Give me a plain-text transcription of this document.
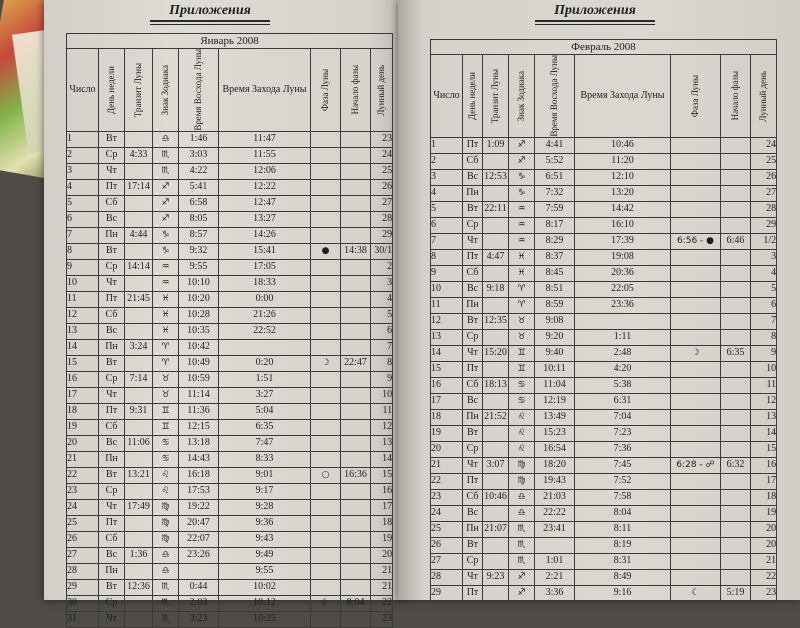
Приложения	Приложения
Январь 2008								

Число	День недели	Транзит Луны	Знак Зодиака	Время Восхода Луны	Время Захода Луны	Фаза Луны	Начало фазы	Лунный день

1	Вт		♎	1:46	11:47			23
2	Ср	4:33	♏	3:03	11:55			24
3	Чт		♏	4:22	12:06			25
4	Пт	17:14	♐	5:41	12:22			26
5	Сб		♐	6:58	12:47			27
6	Вс		♐	8:05	13:27			28
7	Пн	4:44	♑	8:57	14:26			29
8	Вт		♑	9:32	15:41	●	14:38	30/1
9	Ср	14:14	♒	9:55	17:05			2
10	Чт		♒	10:10	18:33			3
11	Пт	21:45	♓	10:20	0:00			4
12	Сб		♓	10:28	21:26			5
13	Вс		♓	10:35	22:52			6
14	Пн	3:24	♈	10:42				7
15	Вт		♈	10:49	0:20	☽	22:47	8
16	Ср	7:14	♉	10:59	1:51			9
17	Чт		♉	11:14	3:27			10
18	Пт	9:31	♊	11:36	5:04			11
19	Сб		♊	12:15	6:35			12
20	Вс	11:06	♋	13:18	7:47			13
21	Пн		♋	14:43	8:33			14
22	Вт	13:21	♌	16:18	9:01	○	16:36	15
23	Ср		♌	17:53	9:17			16
24	Чт	17:49	♍	19:22	9:28			17
25	Пт		♍	20:47	9:36			18
26	Сб		♍	22:07	9:43			19
27	Вс	1:36	♎	23:26	9:49			20
28	Пн		♎		9:55			21
29	Вт	12:36	♏	0:44	10:02			21
30	Ср		♏	2:03	10:12	☾	8:04	22
31	Чт		♏	3:23	10:25			23
Февраль 2008								

Число	День недели	Транзит Луны	Знак Зодиака	Время Восхода Луны	Время Захода Луны	Фаза Луны	Начало фазы	Лунный день

1	Пт	1:09	♐	4:41	10:46			24
2	Сб		♐	5:52	11:20			25
3	Вс	12:53	♑	6:51	12:10			26
4	Пн		♑	7:32	13:20			27
5	Вт	22:11	♒	7:59	14:42			28
6	Ср		♒	8:17	16:10			29
7	Чт		♒	8:29	17:39	6:56 - ●	6:46	1/2
8	Пт	4:47	♓	8:37	19:08			3
9	Сб		♓	8:45	20:36			4
10	Вс	9:18	♈	8:51	22:05			5
11	Пн		♈	8:59	23:36			6
12	Вт	12:35	♉	9:08				7
13	Ср		♉	9:20	1:11			8
14	Чт	15:20	♊	9:40	2:48	☽	6:35	9
15	Пт		♊	10:11	4:20			10
16	Сб	18:13	♋	11:04	5:38			11
17	Вс		♋	12:19	6:31			12
18	Пн	21:52	♌	13:49	7:04			13
19	Вт		♌	15:23	7:23			14
20	Ср		♌	16:54	7:36			15
21	Чт	3:07	♍	18:20	7:45	6:28 - ☍	6:32	16
22	Пт		♍	19:43	7:52			17
23	Сб	10:46	♎	21:03	7:58			18
24	Вс		♎	22:22	8:04			19
25	Пн	21:07	♏	23:41	8:11			20
26	Вт		♏		8:19			20
27	Ср		♏	1:01	8:31			21
28	Чт	9:23	♐	2:21	8:49			22
29	Пт		♐	3:36	9:16	☾	5:19	23
